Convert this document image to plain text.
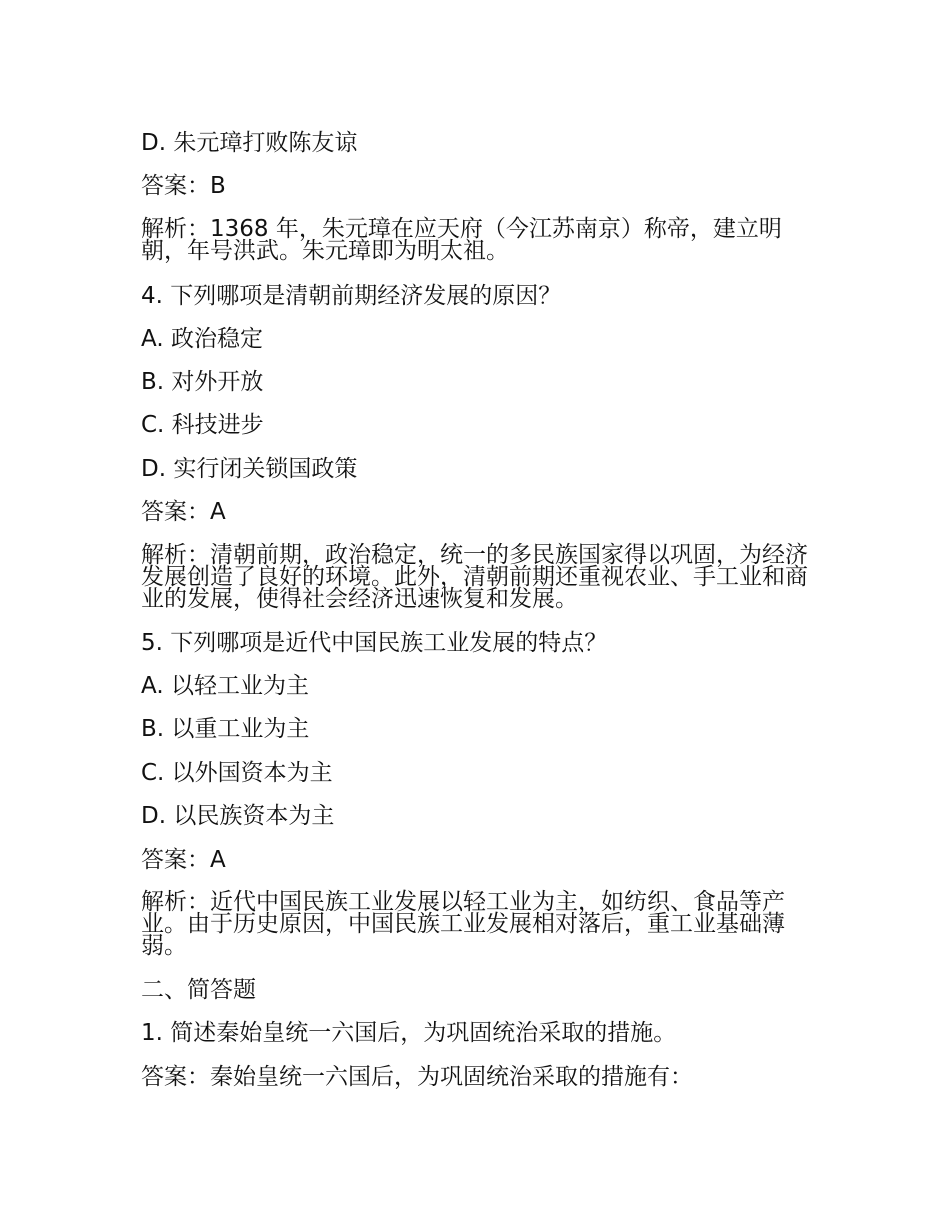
D. 朱元璋打败陈友谅
答案：B
解析：1368 年，朱元璋在应天府（今江苏南京）称帝，建立明朝，年号洪武。朱元璋即为明太祖。
4. 下列哪项是清朝前期经济发展的原因？
A. 政治稳定
B. 对外开放
C. 科技进步
D. 实行闭关锁国政策
答案：A
解析：清朝前期，政治稳定，统一的多民族国家得以巩固，为经济发展创造了良好的环境。此外，清朝前期还重视农业、手工业和商业的发展，使得社会经济迅速恢复和发展。
5. 下列哪项是近代中国民族工业发展的特点？
A. 以轻工业为主
B. 以重工业为主
C. 以外国资本为主
D. 以民族资本为主
答案：A
解析：近代中国民族工业发展以轻工业为主，如纺织、食品等产业。由于历史原因，中国民族工业发展相对落后，重工业基础薄弱。
二、简答题
1. 简述秦始皇统一六国后，为巩固统治采取的措施。
答案：秦始皇统一六国后，为巩固统治采取的措施有：
